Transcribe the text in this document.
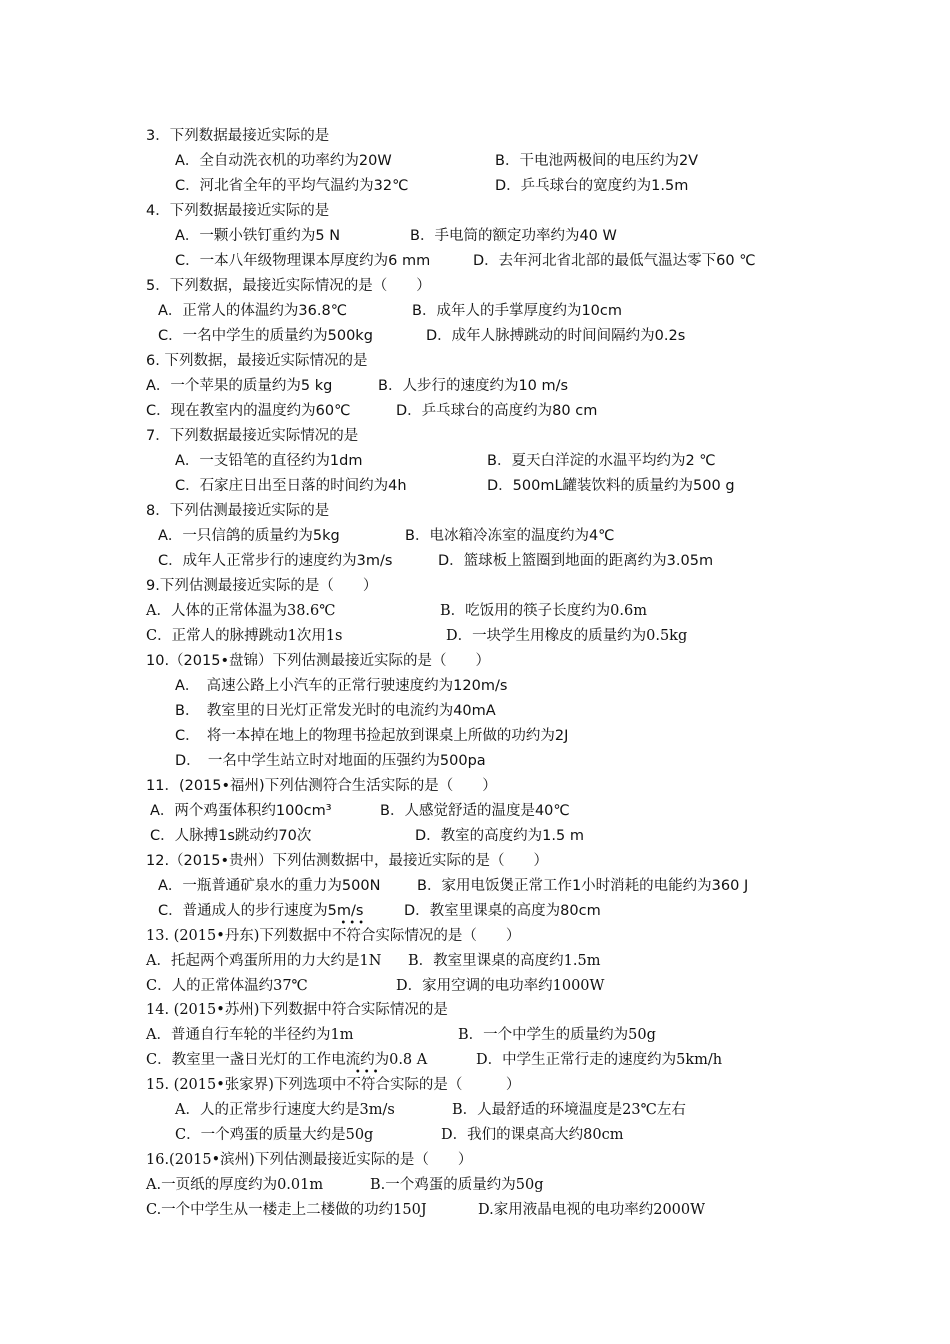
3．下列数据最接近实际的是
A．全自动洗衣机的功率约为20W	B．干电池两极间的电压约为2V
C．河北省全年的平均气温约为32℃	D．乒乓球台的宽度约为1.5m
4．下列数据最接近实际的是
A．一颗小铁钉重约为5 N	B．手电筒的额定功率约为40 W
C．一本八年级物理课本厚度约为6 mm	D．去年河北省北部的最低气温达零下60 ℃
5．下列数据，最接近实际情况的是（　　）
A．正常人的体温约为36.8℃	B．成年人的手掌厚度约为10cm
C．一名中学生的质量约为500kg	D．成年人脉搏跳动的时间间隔约为0.2s
6. 下列数据，最接近实际情况的是
A．一个苹果的质量约为5 kg	B．人步行的速度约为10 m/s
C．现在教室内的温度约为60℃	D．乒乓球台的高度约为80 cm
7．下列数据最接近实际情况的是
A．一支铅笔的直径约为1dm	B．夏天白洋淀的水温平均约为2 ℃
C．石家庄日出至日落的时间约为4h	D．500mL罐装饮料的质量约为500 g
8．下列估测最接近实际的是
A．一只信鸽的质量约为5kg	B．电冰箱冷冻室的温度约为4℃
C．成年人正常步行的速度约为3m/s	D．篮球板上篮圈到地面的距离约为3.05m
9.下列估测最接近实际的是（　　）
A．人体的正常体温为38.6℃	B．吃饭用的筷子长度约为0.6m
C．正常人的脉搏跳动1次用1s	D．一块学生用橡皮的质量约为0.5kg
10.（2015•盘锦）下列估测最接近实际的是（　　）
A．　高速公路上小汽车的正常行驶速度约为120m/s
B．　教室里的日光灯正常发光时的电流约为40mA
C．　将一本掉在地上的物理书捡起放到课桌上所做的功约为2J
D．　一名中学生站立时对地面的压强约为500pa
11．(2015•福州)下列估测符合生活实际的是（　　）
A．两个鸡蛋体积约100cm³	B．人感觉舒适的温度是40℃
C．人脉搏1s跳动约70次	D．教室的高度约为1.5 m
12.（2015•贵州）下列估测数据中，最接近实际的是（　　）
A．一瓶普通矿泉水的重力为500N	B．家用电饭煲正常工作1小时消耗的电能约为360 J
C．普通成人的步行速度为5m/s	D．教室里课桌的高度为80cm
13. (2015•丹东)下列数据中
•••
不符合实际情况的是（　　）
A．托起两个鸡蛋所用的力大约是1N B．教室里课桌的高度约1.5m
C．人的正常体温约37℃	D．家用空调的电功率约1000W
14. (2015•苏州)下列数据中符合实际情况的是
A．普通自行车轮的半径约为1m	B．一个中学生的质量约为50g
C．教室里一盏日光灯的工作电流约为0.8 A	D．中学生正常行走的速度约为5km/h
15. (2015•张家界)下列选项中
•••
不符合实际的是（　　　）
A．人的正常步行速度大约是3m/s	B．人最舒适的环境温度是23℃左右
C．一个鸡蛋的质量大约是50g	D．我们的课桌高大约80cm
16.(2015•滨州)下列估测最接近实际的是（　　）
A.一页纸的厚度约为0.01m	B.一个鸡蛋的质量约为50g
C.一个中学生从一楼走上二楼做的功约150J	D.家用液晶电视的电功率约2000W
